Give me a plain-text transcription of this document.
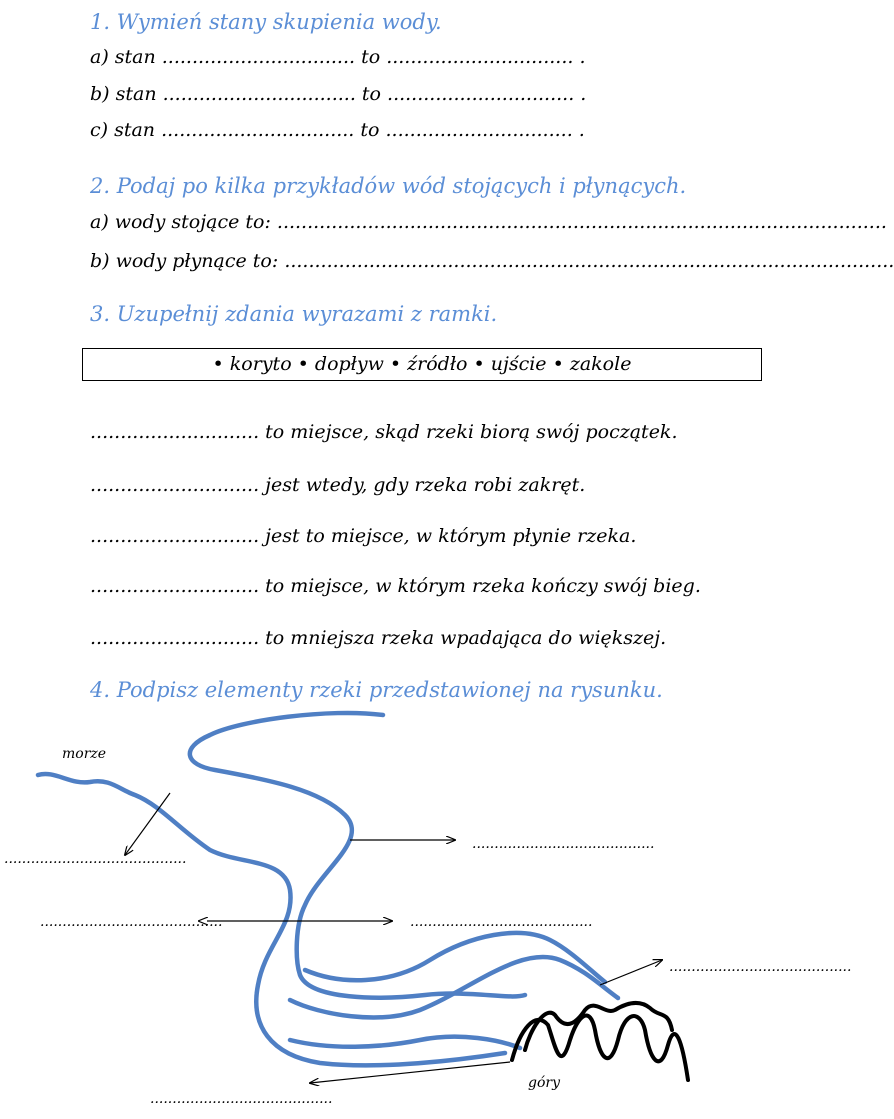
1. Wymień stany skupienia wody.
a) stan ................................ to ............................... .
b) stan ................................ to ............................... .
c) stan ................................ to ............................... .
2. Podaj po kilka przykładów wód stojących i płynących.
a) wody stojące to: .....................................................................................................
b) wody płynące to: .....................................................................................................
3. Uzupełnij zdania wyrazami z ramki.
• koryto • dopływ • źródło • ujście • zakole
............................ to miejsce, skąd rzeki biorą swój początek.
............................ jest wtedy, gdy rzeka robi zakręt.
............................ jest to miejsce, w którym płynie rzeka.
............................ to miejsce, w którym rzeka kończy swój bieg.
............................ to mniejsza rzeka wpadająca do większej.
4. Podpisz elementy rzeki przedstawionej na rysunku.
morze
góry
.........................................
.........................................
.........................................	.........................................
.........................................
.........................................
